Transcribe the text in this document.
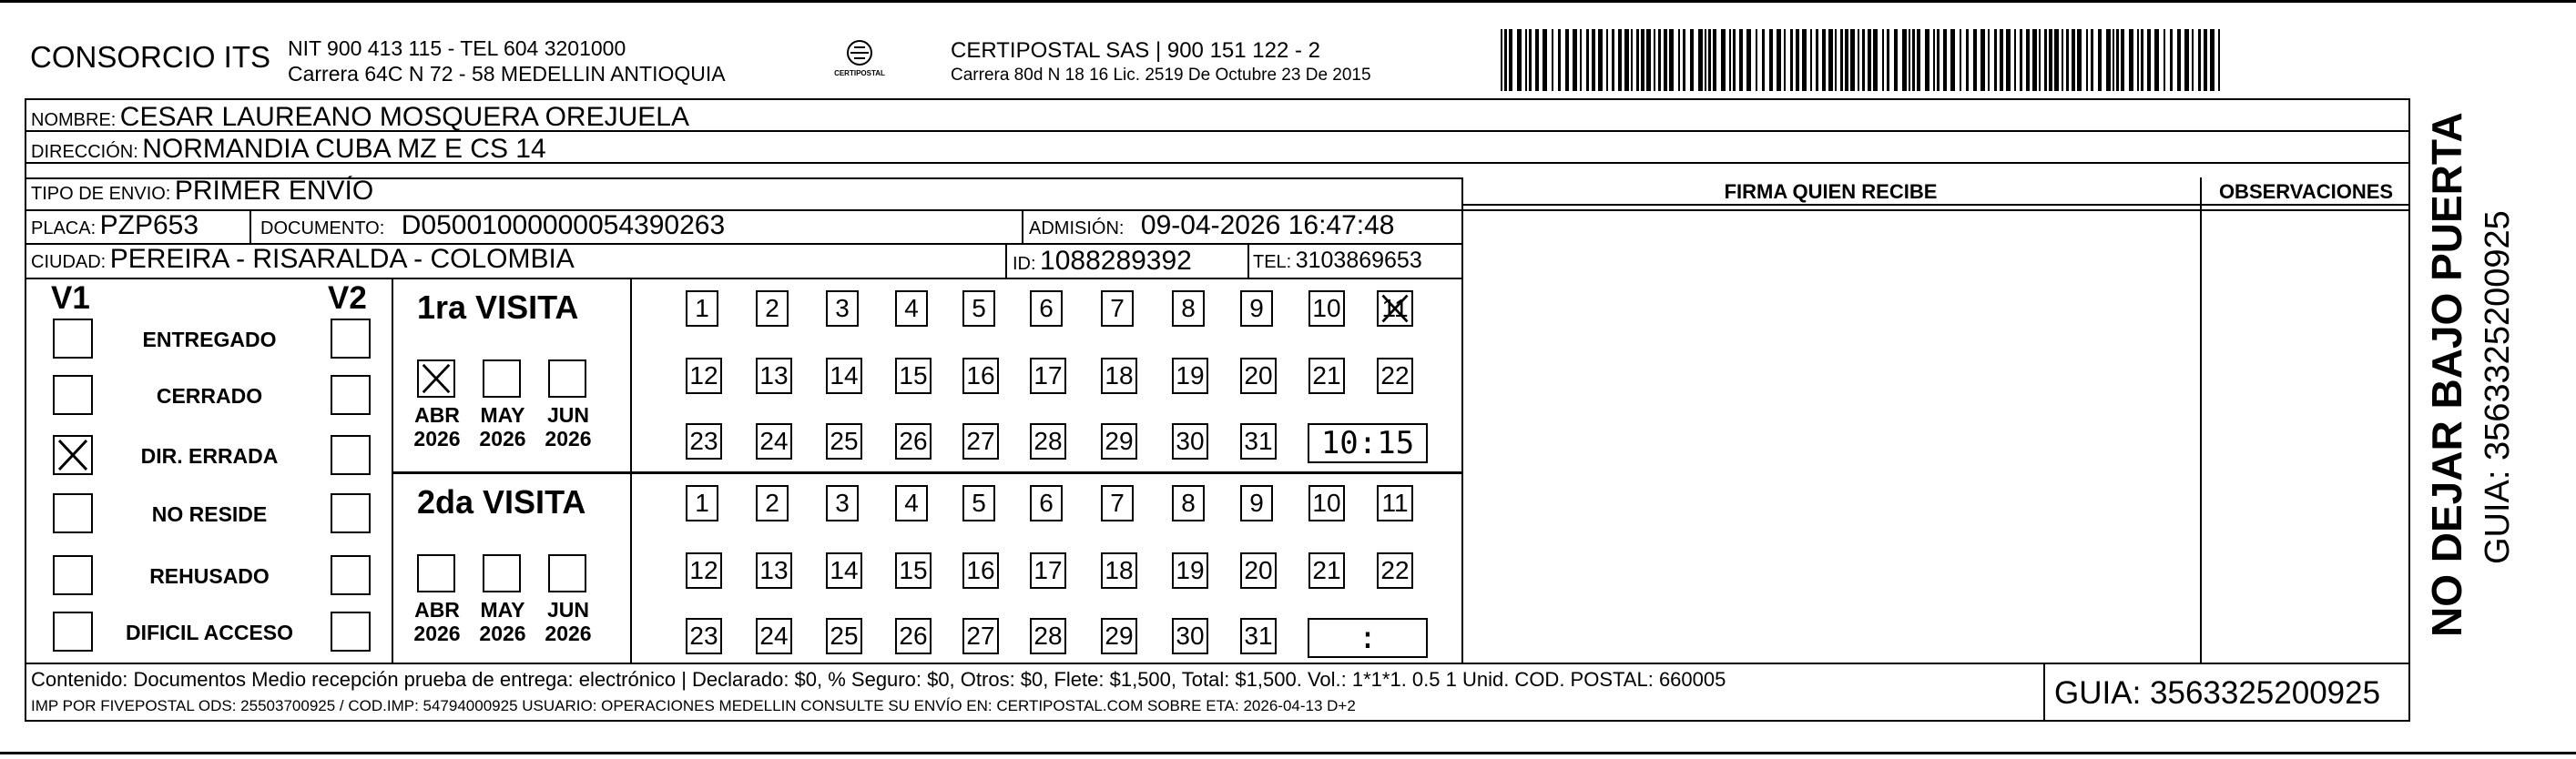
CONSORCIO ITS NIT 900 413 115 - TEL 604 3201000
Carrera 64C N 72 - 58 MEDELLIN ANTIOQUIA	CERTIPOSTAL
CERTIPOSTAL SAS | 900 151 122 - 2
Carrera 80d N 18 16 Lic. 2519 De Octubre 23 De 2015
NOMBRE: CESAR LAUREANO MOSQUERA OREJUELA
DIRECCIÓN: NORMANDIA CUBA MZ E CS 14
TIPO DE ENVIO: PRIMER ENVÍO
PLACA: PZP653	DOCUMENTO: D05001000000054390263	ADMISIÓN: 09-04-2026 16:47:48
CIUDAD: PEREIRA - RISARALDA - COLOMBIA	ID: 1088289392	TEL: 3103869653
FIRMA QUIEN RECIBE	OBSERVACIONES
V1	V2
ENTREGADO
CERRADO
DIR. ERRADA
NO RESIDE
REHUSADO
DIFICIL ACCESO
1ra VISITA
ABR
2026
MAY
2026
JUN
2026
1	2	3	4	5	6	7	8	9	10 11
12 13 14 15 16 17 18 19 20 21 22
23 24 25 26 27 28 29 30 31	10:15
2da VISITA
ABR
2026
MAY
2026
JUN
2026
1	2	3	4	5	6	7	8	9	10 11
12 13 14 15 16 17 18 19 20 21 22
23 24 25 26 27 28 29 30 31	:
Contenido: Documentos Medio recepción prueba de entrega: electrónico | Declarado: $0, % Seguro: $0, Otros: $0, Flete: $1,500, Total: $1,500. Vol.: 1*1*1. 0.5 1 Unid. COD. POSTAL: 660005
IMP POR FIVEPOSTAL ODS: 25503700925 / COD.IMP: 54794000925 USUARIO: OPERACIONES MEDELLIN CONSULTE SU ENVÍO EN: CERTIPOSTAL.COM SOBRE ETA: 2026-04-13 D+2	GUIA: 3563325200925
NO DEJAR BAJO PUERTA GUIA: 3563325200925
